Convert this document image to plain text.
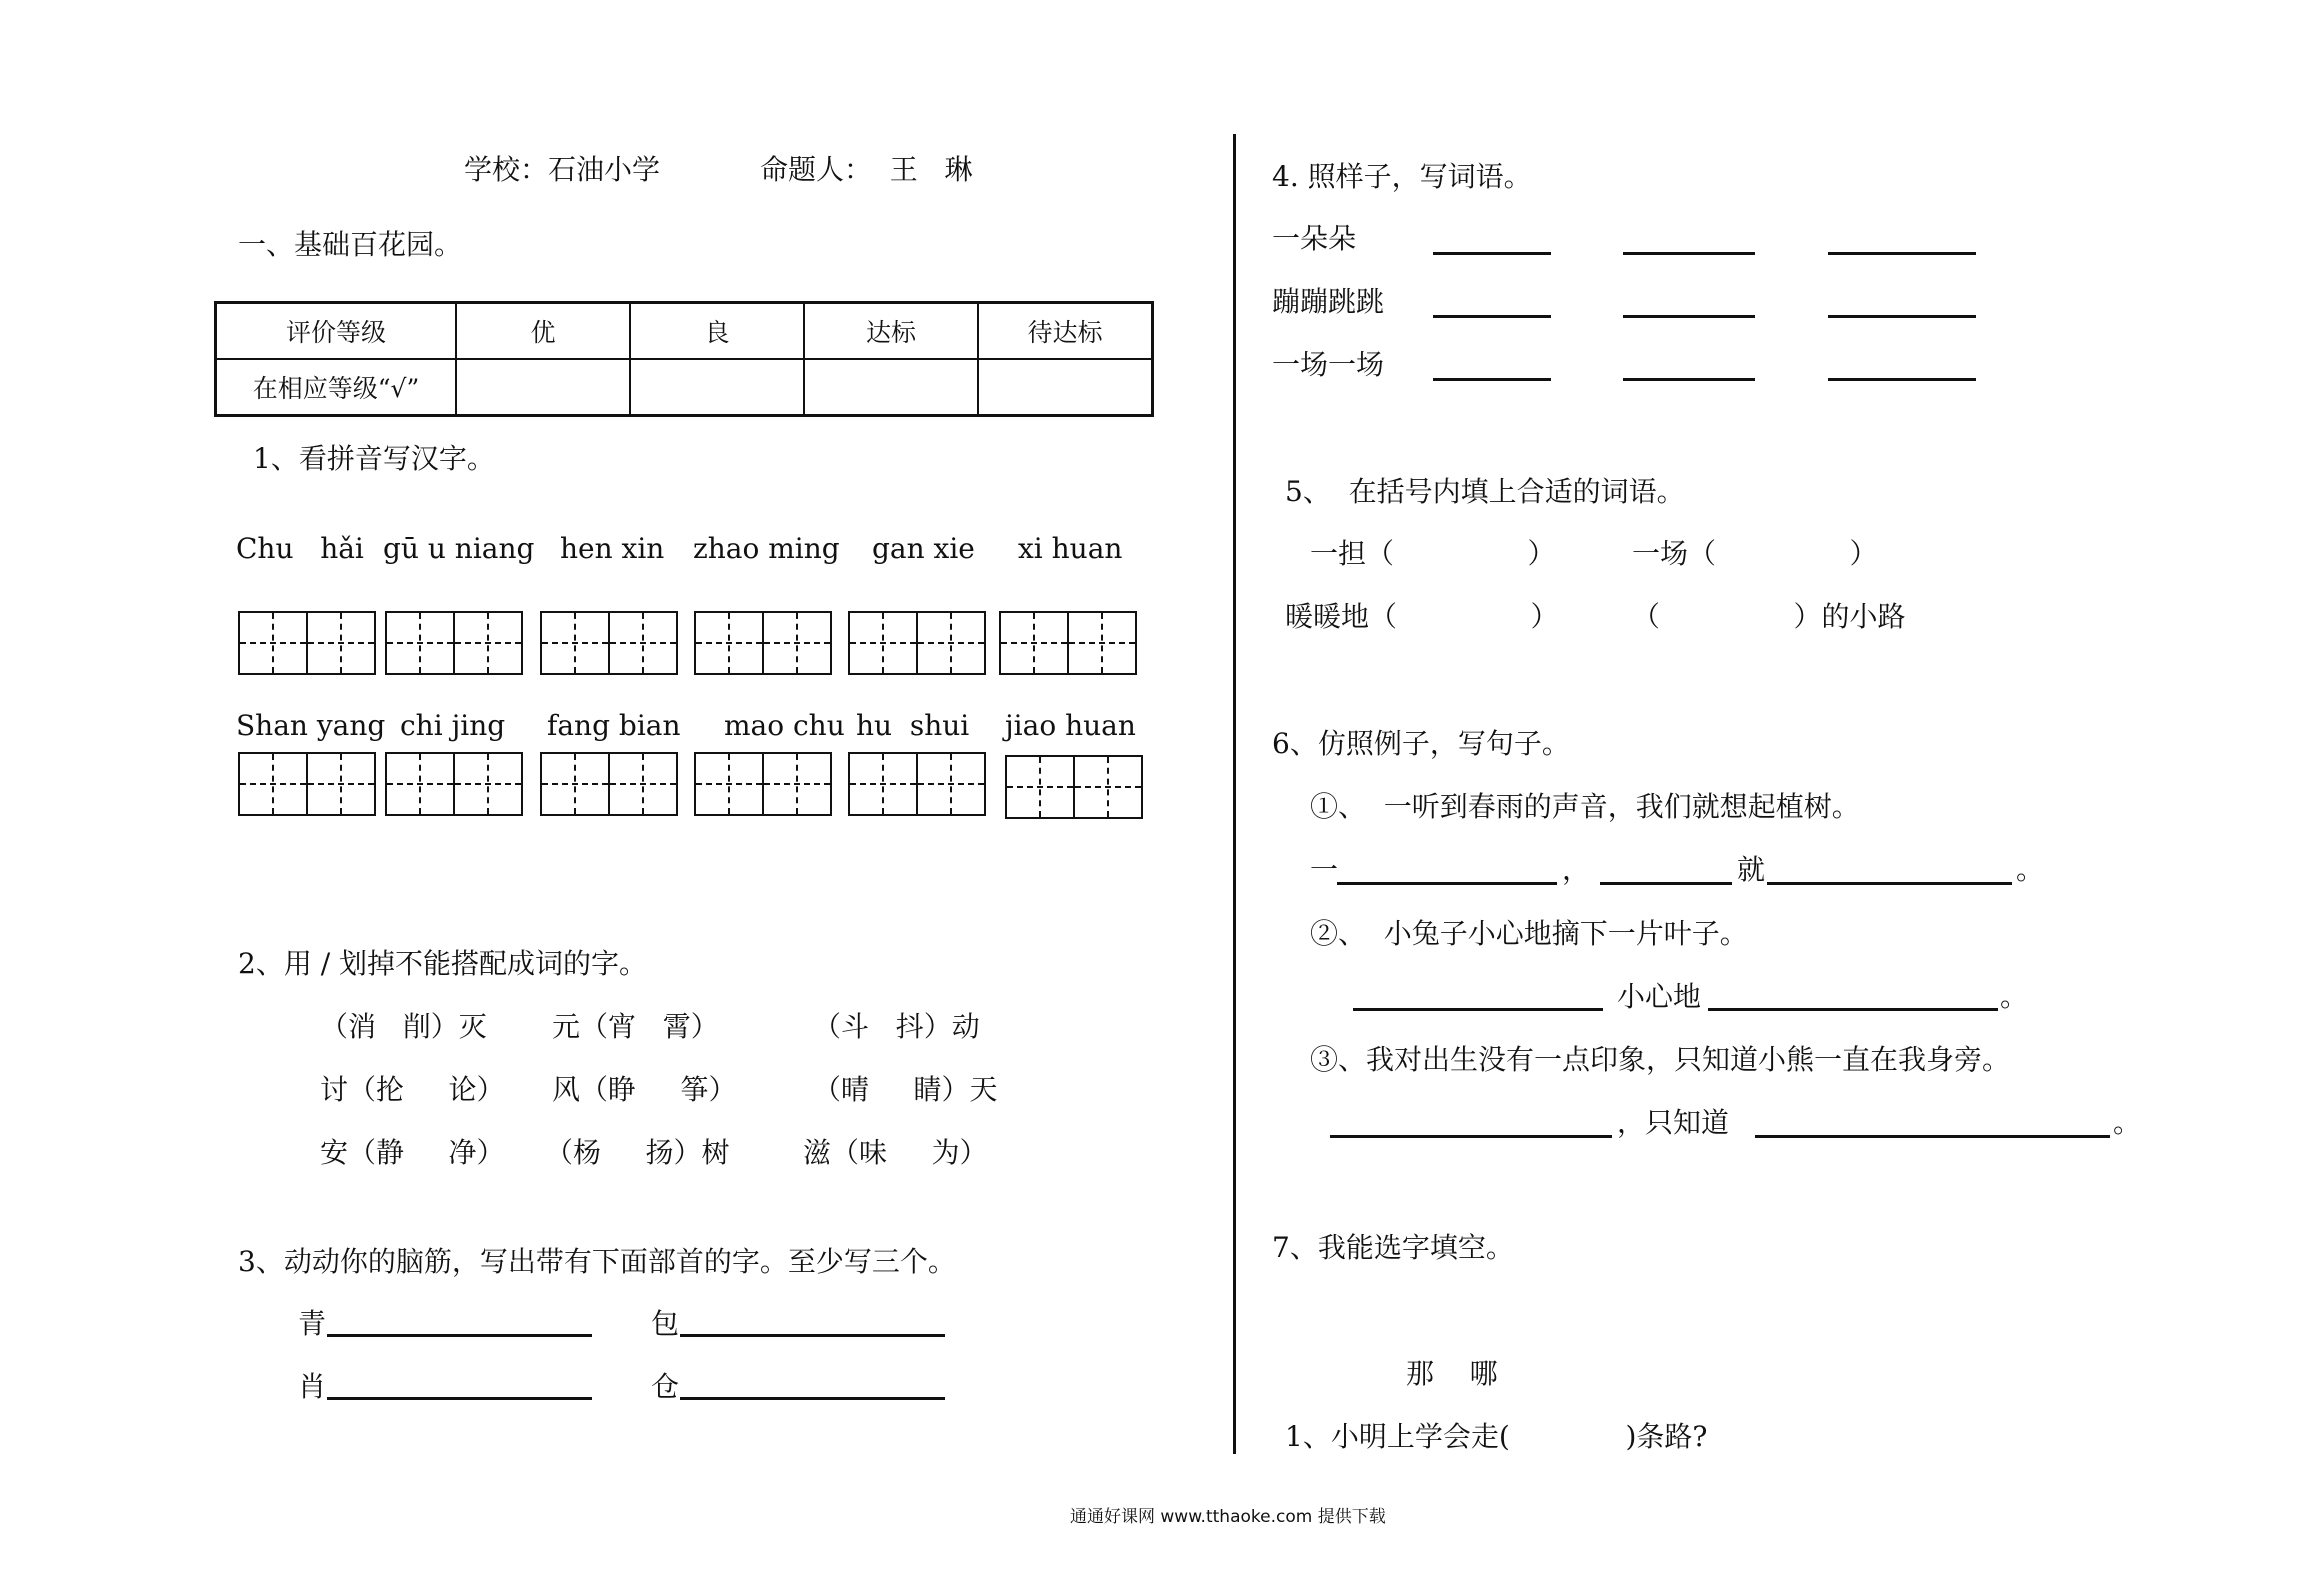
学校：石油小学	命题人：  王   琳
一、基础百花园。
评价等级	优	良	达标	待达标
在相应等级“√”				
1、看拼音写汉字。
Chu   hǎi gū u niang hen xin zhao ming gan xie xi huan
Shan yang chi jing fang bian mao chu hu  shui jiao huan
2、用 / 划掉不能搭配成词的字。
（消   削）灭 元（宵   霄）	（斗   抖）动
讨（抡     论） 风（睁     筝）	（晴     睛）天
安（静     净） （杨     扬）树	滋（味     为）
3、动动你的脑筋，写出带有下面部首的字。至少写三个。
青	包
肖	仓
4. 照样子，写词语。
一朵朵
蹦蹦跳跳
一场一场
5、  在括号内填上合适的词语。
一担（               ）	一场（               ）
暖暖地（               ）	（               ）的小路
6、仿照例子，写句子。
①、  一听到春雨的声音，我们就想起植树。
一	，	就	。
②、  小兔子小心地摘下一片叶子。
小心地	。
③、我对出生没有一点印象，只知道小熊一直在我身旁。
，只知道	。
7、我能选字填空。
那    哪
1、小明上学会走(             )条路?
通通好课网 www.tthaoke.com 提供下载
